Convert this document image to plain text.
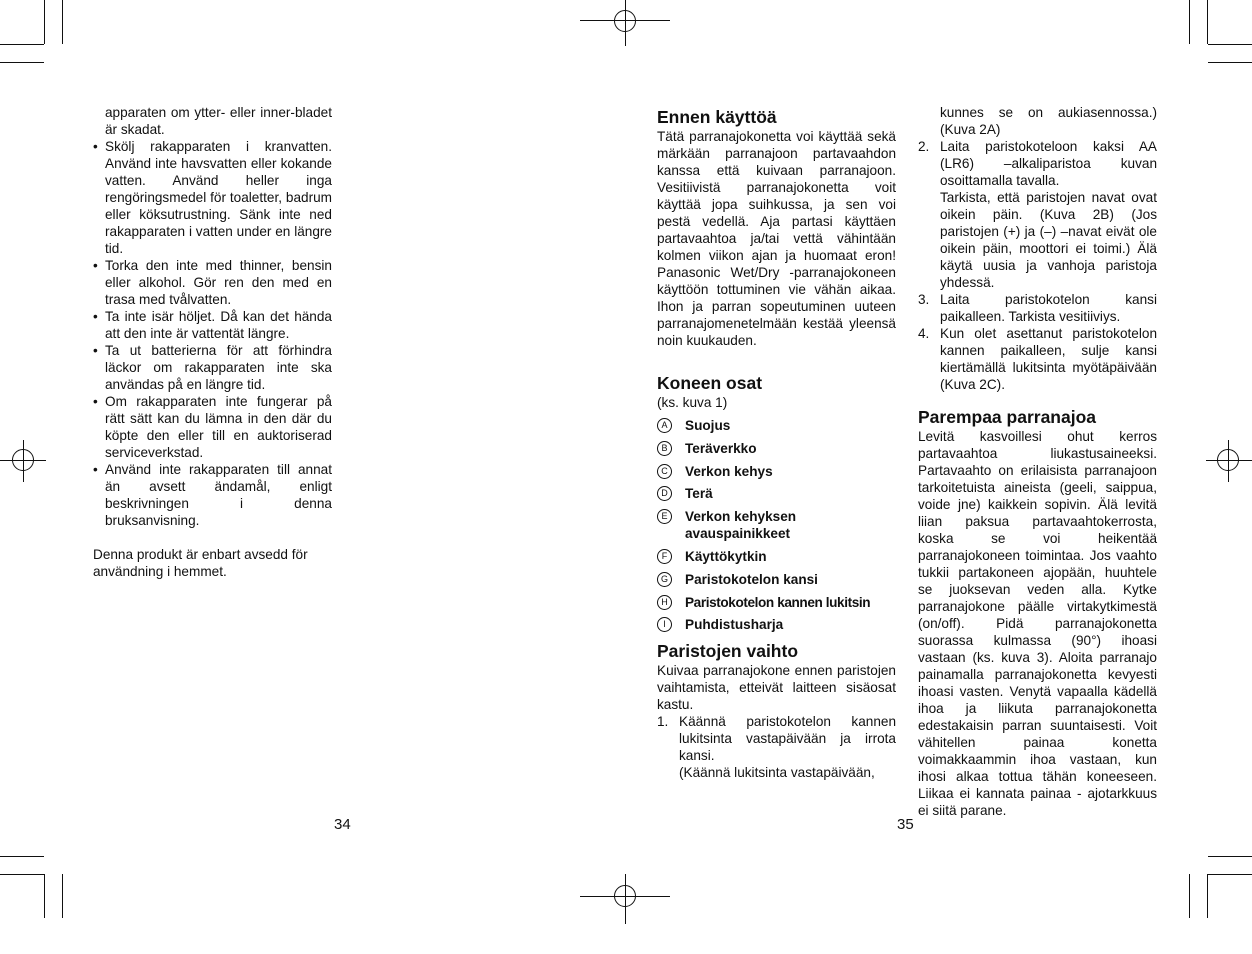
apparaten om ytter- eller inner-bladet är skadat.

• Skölj rakapparaten i kranvatten. Använd inte havsvatten eller kokande vatten. Använd heller inga rengöringsmedel för toaletter, badrum eller köksutrustning. Sänk inte ned rakapparaten i vatten under en längre tid.
• Torka den inte med thinner, bensin eller alkohol. Gör ren den med en trasa med tvålvatten.
• Ta inte isär höljet. Då kan det hända att den inte är vattentät längre.
• Ta ut batterierna för att förhindra läckor om rakapparaten inte ska användas på en längre tid.
• Om rakapparaten inte fungerar på rätt sätt kan du lämna in den där du köpte den eller till en auktoriserad serviceverkstad.
• Använd inte rakapparaten till annat än avsett ändamål, enligt beskrivningen i denna bruksanvisning.

Denna produkt är enbart avsedd för användning i hemmet.

34
Ennen käyttöä

Tätä parranajokonetta voi käyttää sekä märkään parranajoon partavaahdon kanssa että kuivaan parranajoon. Vesitiivistä parranajokonetta voit käyttää jopa suihkussa, ja sen voi pestä vedellä. Aja partasi käyttäen partavaahtoa ja/tai vettä vähintään kolmen viikon ajan ja huomaat eron! Panasonic Wet/Dry -parranajokoneen käyttöön tottuminen vie vähän aikaa. Ihon ja parran sopeutuminen uuteen parranajomenetelmään kestää yleensä noin kuukauden.

Koneen osat

(ks. kuva 1)

A	Suojus
B	Teräverkko
C	Verkon kehys
D	Terä
E	Verkon kehyksen avauspainikkeet
F	Käyttökytkin
G Paristokotelon kansi
H	Paristokotelon kannen lukitsin
I	Puhdistusharja
Paristojen vaihto

Kuivaa parranajokone ennen paristojen vaihtamista, etteivät laitteen sisäosat kastu.

1. Käännä paristokotelon kannen lukitsinta vastapäivään ja irrota kansi.
(Käännä lukitsinta vastapäivään,
35

kunnes se on aukiasennossa.) (Kuva 2A)

2. Laita paristokoteloon kaksi AA (LR6) –alkaliparistoa kuvan osoittamalla tavalla.
Tarkista, että paristojen navat ovat oikein päin. (Kuva 2B) (Jos paristojen (+) ja (–) –navat eivät ole oikein päin, moottori ei toimi.) Älä käytä uusia ja vanhoja paristoja yhdessä.
3. Laita paristokotelon kansi paikalleen. Tarkista vesitiiviys.
4. Kun olet asettanut paristokotelon kannen paikalleen, sulje kansi kiertämällä lukitsinta myötäpäivään (Kuva 2C).
Parempaa parranajoa

Levitä kasvoillesi ohut kerros partavaahtoa liukastusaineeksi. Partavaahto on erilaisista parranajoon tarkoitetuista aineista (geeli, saippua, voide jne) kaikkein sopivin. Älä levitä liian paksua partavaahtokerrosta, koska se voi heikentää parranajokoneen toimintaa. Jos vaahto tukkii partakoneen ajopään, huuhtele se juoksevan veden alla. Kytke parranajokone päälle virtakytkimestä (on/off). Pidä parranajokonetta suorassa kulmassa (90°) ihoasi vastaan (ks. kuva 3). Aloita parranajo painamalla parranajokonetta kevyesti ihoasi vasten. Venytä vapaalla kädellä ihoa ja liikuta parranajokonetta edestakaisin parran suuntaisesti. Voit vähitellen painaa konetta voimakkaammin ihoa vastaan, kun ihosi alkaa tottua tähän koneeseen. Liikaa ei kannata painaa - ajotarkkuus ei siitä parane.
